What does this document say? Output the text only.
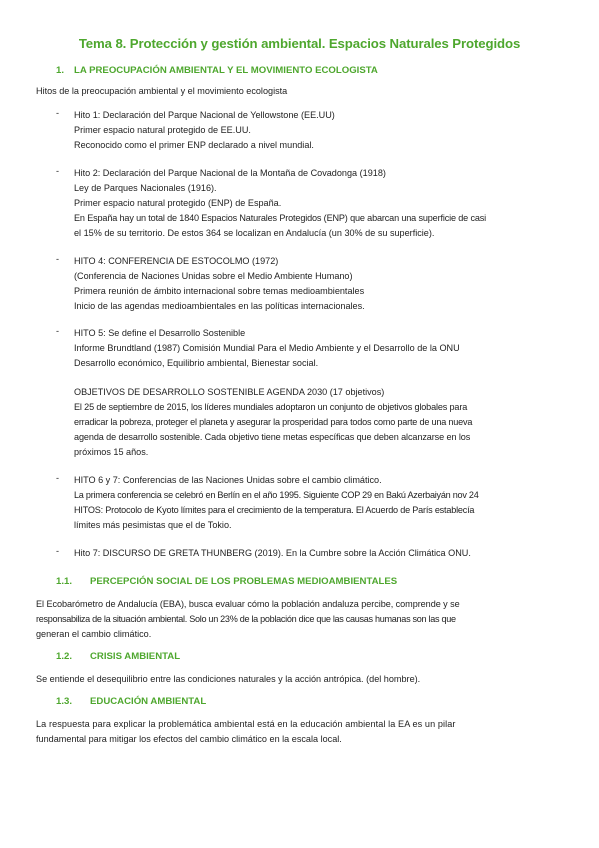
Tema 8. Protección y gestión ambiental. Espacios Naturales Protegidos
1. LA PREOCUPACIÓN AMBIENTAL Y EL MOVIMIENTO ECOLOGISTA
Hitos de la preocupación ambiental y el movimiento ecologista
- Hito 1: Declaración del Parque Nacional de Yellowstone (EE.UU)
Primer espacio natural protegido de EE.UU.
Reconocido como el primer ENP declarado a nivel mundial.
- Hito 2: Declaración del Parque Nacional de la Montaña de Covadonga (1918)
Ley de Parques Nacionales (1916).
Primer espacio natural protegido (ENP) de España.
En España hay un total de 1840 Espacios Naturales Protegidos (ENP) que abarcan una superficie de casi
el 15% de su territorio. De estos 364 se localizan en Andalucía (un 30% de su superficie).
- HITO 4: CONFERENCIA DE ESTOCOLMO (1972)
(Conferencia de Naciones Unidas sobre el Medio Ambiente Humano)
Primera reunión de ámbito internacional sobre temas medioambientales
Inicio de las agendas medioambientales en las políticas internacionales.
- HITO 5: Se define el Desarrollo Sostenible
Informe Brundtland (1987) Comisión Mundial Para el Medio Ambiente y el Desarrollo de la ONU
Desarrollo económico, Equilibrio ambiental, Bienestar social.
OBJETIVOS DE DESARROLLO SOSTENIBLE AGENDA 2030 (17 objetivos)
El 25 de septiembre de 2015, los líderes mundiales adoptaron un conjunto de objetivos globales para
erradicar la pobreza, proteger el planeta y asegurar la prosperidad para todos como parte de una nueva
agenda de desarrollo sostenible. Cada objetivo tiene metas específicas que deben alcanzarse en los
próximos 15 años.
- HITO 6 y 7: Conferencias de las Naciones Unidas sobre el cambio climático.
La primera conferencia se celebró en Berlín en el año 1995. Siguiente COP 29 en Bakú Azerbaiyán nov 24
HITOS: Protocolo de Kyoto límites para el crecimiento de la temperatura. El Acuerdo de París establecía
límites más pesimistas que el de Tokio.
- Hito 7: DISCURSO DE GRETA THUNBERG (2019). En la Cumbre sobre la Acción Climática ONU.
1.1. PERCEPCIÓN SOCIAL DE LOS PROBLEMAS MEDIOAMBIENTALES
El Ecobarómetro de Andalucía (EBA), busca evaluar cómo la población andaluza percibe, comprende y se
responsabiliza de la situación ambiental. Solo un 23% de la población dice que las causas humanas son las que
generan el cambio climático.
1.2. CRISIS AMBIENTAL
Se entiende el desequilibrio entre las condiciones naturales y la acción antrópica. (del hombre).
1.3. EDUCACIÓN AMBIENTAL
La respuesta para explicar la problemática ambiental está en la educación ambiental la EA es un pilar
fundamental para mitigar los efectos del cambio climático en la escala local.
